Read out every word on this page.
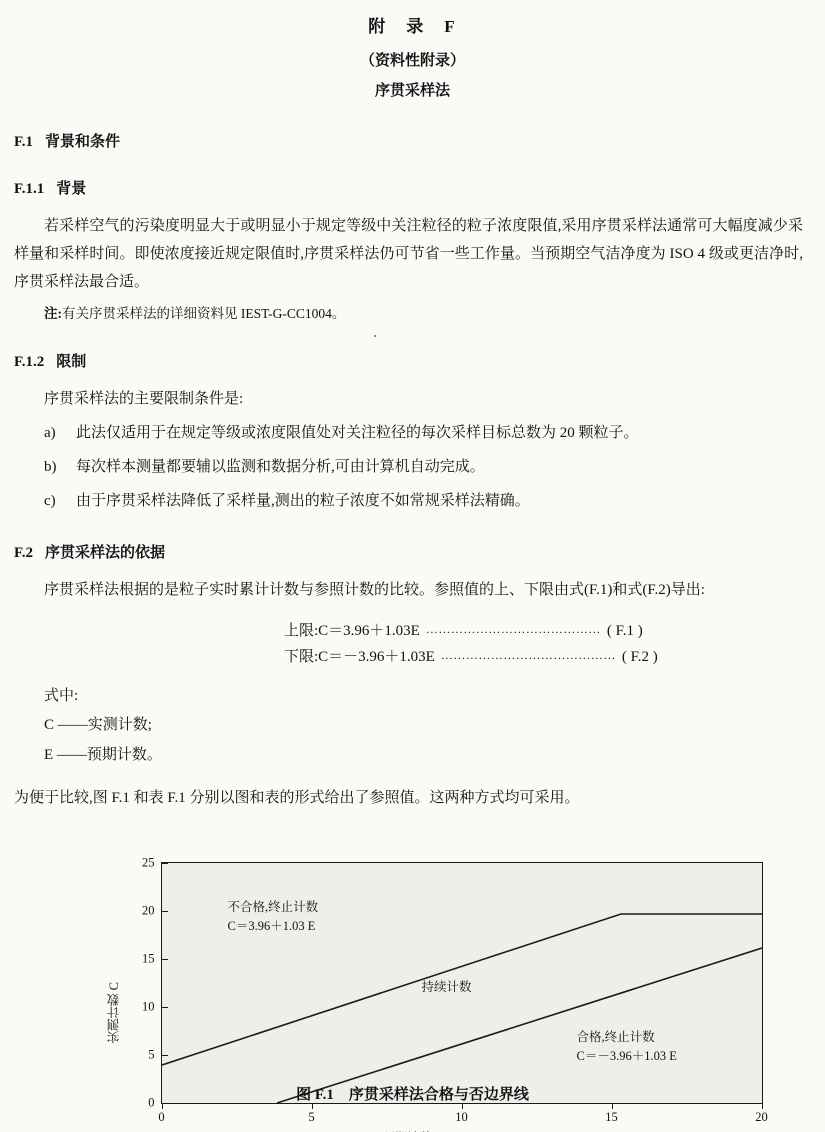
附　录　F
（资料性附录）
序贯采样法
F.1 背景和条件
F.1.1 背景

若采样空气的污染度明显大于或明显小于规定等级中关注粒径的粒子浓度限值,采用序贯采样法通常可大幅度减少采样量和采样时间。即使浓度接近规定限值时,序贯采样法仍可节省一些工作量。当预期空气洁净度为 ISO 4 级或更洁净时,序贯采样法最合适。

注:有关序贯采样法的详细资料见 IEST-G-CC1004。

F.1.2 限制

序贯采样法的主要限制条件是:

a) 此法仅适用于在规定等级或浓度限值处对关注粒径的每次采样目标总数为 20 颗粒子。
b) 每次样本测量都要辅以监测和数据分析,可由计算机自动完成。
c) 由于序贯采样法降低了采样量,测出的粒子浓度不如常规采样法精确。
F.2 序贯采样法的依据

序贯采样法根据的是粒子实时累计计数与参照计数的比较。参照值的上、下限由式(F.1)和式(F.2)导出:

上限:C＝3.96＋1.03E …………………………………… ( F.1 )
下限:C＝－3.96＋1.03E …………………………………… ( F.2 )
式中:
C ——实测计数;
E ——预期计数。

为便于比较,图 F.1 和表 F.1 分别以图和表的形式给出了参照值。这两种方式均可采用。

实测计数 C
0
5
10
15
20
25
0	5	10	15	20
不合格,终止计数
C＝3.96＋1.03 E
持续计数
合格,终止计数
C＝－3.96＋1.03 E
图 F.1　序贯采样法合格与否边界线
